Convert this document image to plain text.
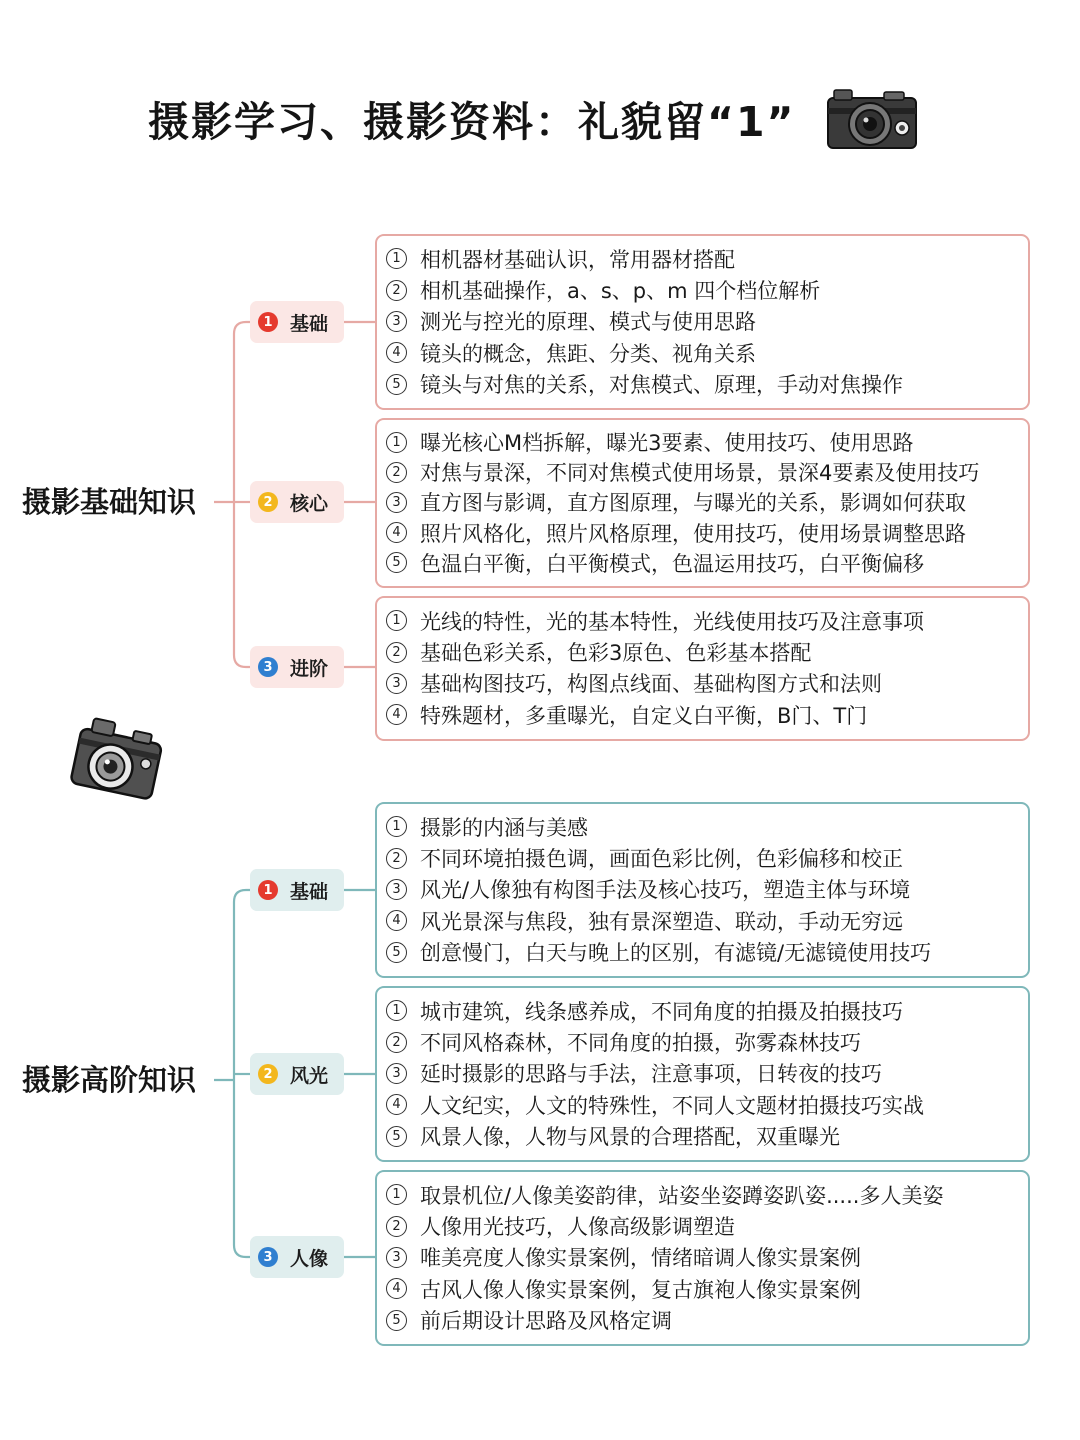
摄影学习、摄影资料：礼貌留“1”
摄影基础知识
1 基础
1 相机器材基础认识，常用器材搭配
2 相机基础操作，a、s、p、m 四个档位解析
3 测光与控光的原理、模式与使用思路
4 镜头的概念，焦距、分类、视角关系
5 镜头与对焦的关系，对焦模式、原理，手动对焦操作
2 核心
1 曝光核心M档拆解，曝光3要素、使用技巧、使用思路
2 对焦与景深，不同对焦模式使用场景，景深4要素及使用技巧
3 直方图与影调，直方图原理，与曝光的关系，影调如何获取
4 照片风格化，照片风格原理，使用技巧，使用场景调整思路
5 色温白平衡，白平衡模式，色温运用技巧，白平衡偏移
3 进阶
1 光线的特性，光的基本特性，光线使用技巧及注意事项
2 基础色彩关系，色彩3原色、色彩基本搭配
3 基础构图技巧，构图点线面、基础构图方式和法则
4 特殊题材，多重曝光，自定义白平衡，B门、T门
摄影高阶知识
1 基础
1 摄影的内涵与美感
2 不同环境拍摄色调，画面色彩比例，色彩偏移和校正
3 风光/人像独有构图手法及核心技巧，塑造主体与环境
4 风光景深与焦段，独有景深塑造、联动，手动无穷远
5 创意慢门，白天与晚上的区别，有滤镜/无滤镜使用技巧
2 风光
1 城市建筑，线条感养成，不同角度的拍摄及拍摄技巧
2 不同风格森林，不同角度的拍摄，弥雾森林技巧
3 延时摄影的思路与手法，注意事项，日转夜的技巧
4 人文纪实，人文的特殊性，不同人文题材拍摄技巧实战
5 风景人像，人物与风景的合理搭配，双重曝光
3 人像
1 取景机位/人像美姿韵律，站姿坐姿蹲姿趴姿.....多人美姿
2 人像用光技巧，人像高级影调塑造
3 唯美亮度人像实景案例，情绪暗调人像实景案例
4 古风人像人像实景案例，复古旗袍人像实景案例
5 前后期设计思路及风格定调
